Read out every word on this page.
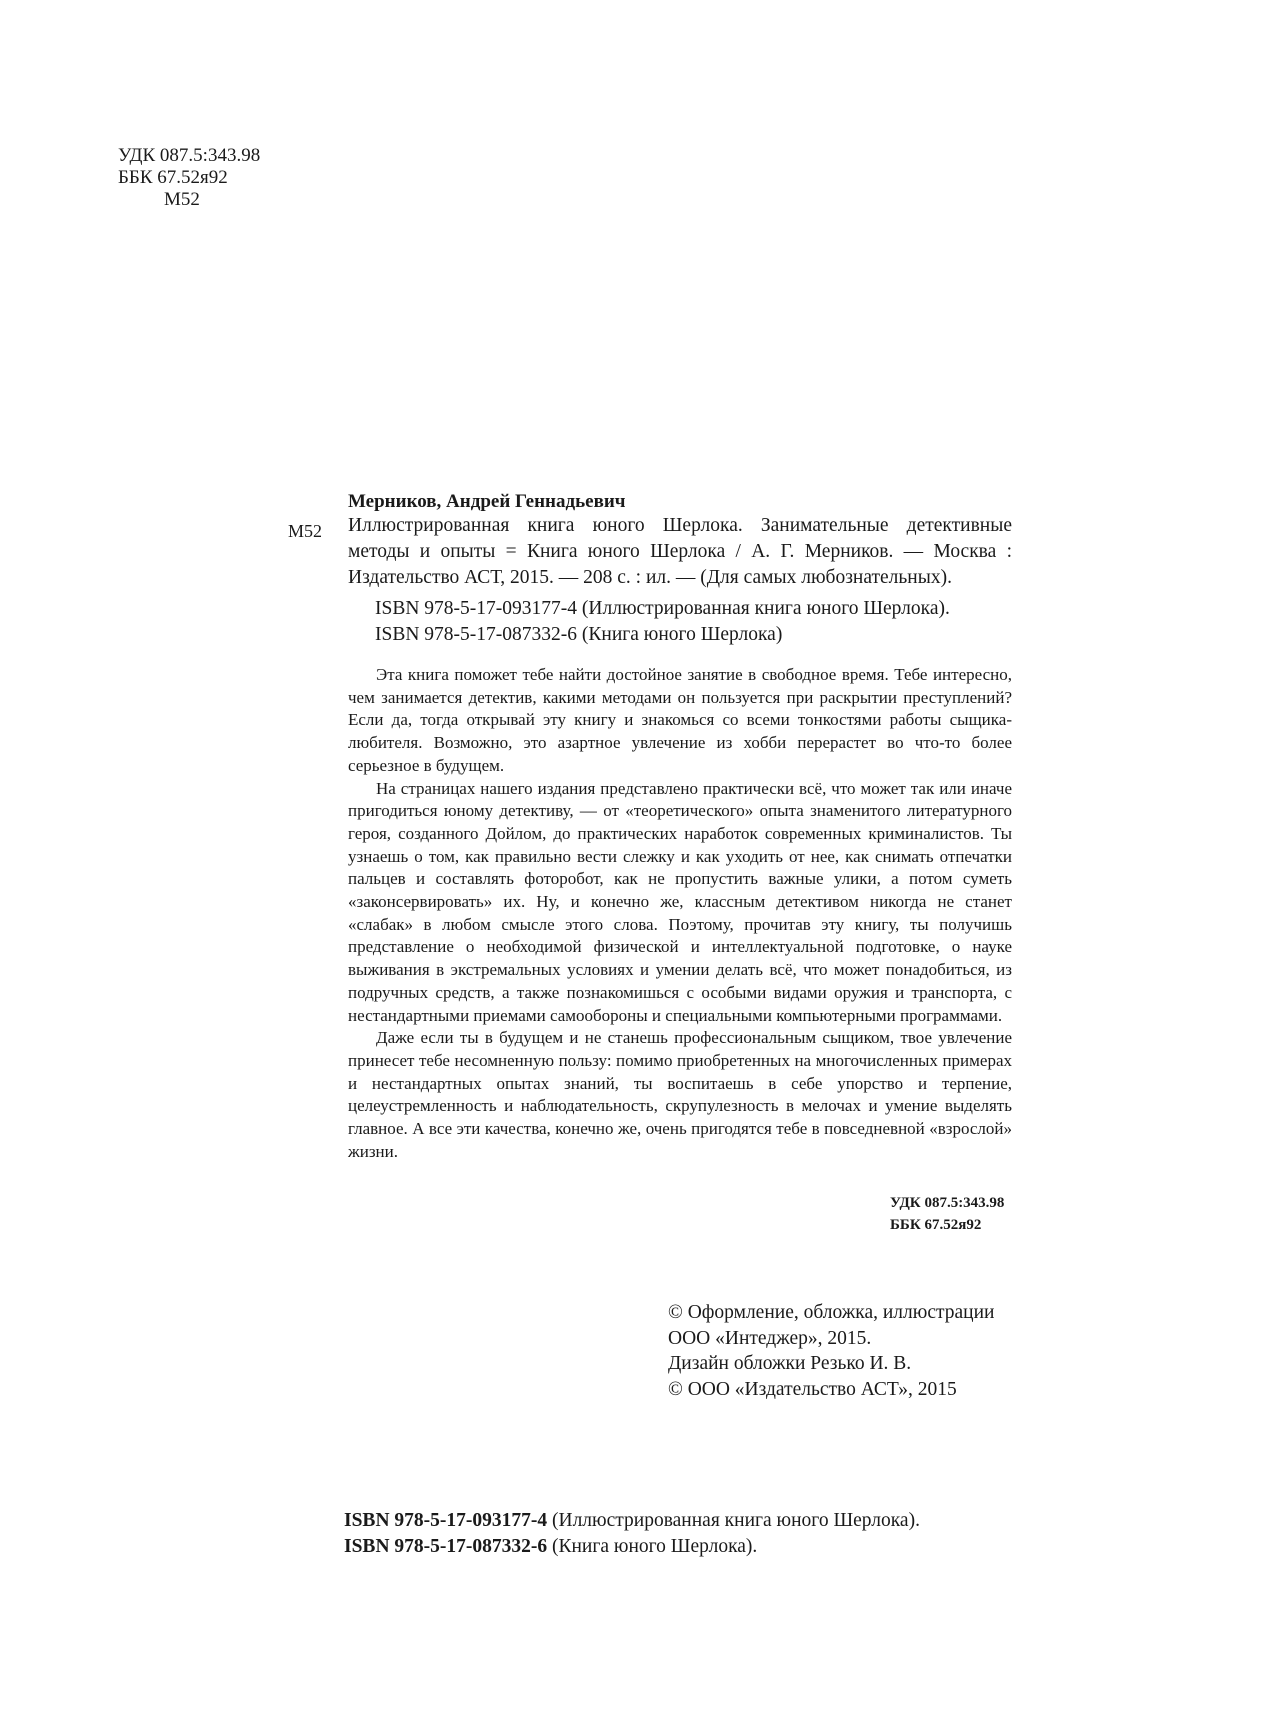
УДК 087.5:343.98
ББК 67.52я92
М52
Мерников, Андрей Геннадьевич
М52 Иллюстрированная книга юного Шерлока. Занимательные детективные методы и опыты = Книга юного Шерлока / А. Г. Мерников. — Москва : Издательство АСТ, 2015. — 208 с. : ил. — (Для самых любознательных).
ISBN 978-5-17-093177-4 (Иллюстрированная книга юного Шерлока).
ISBN 978-5-17-087332-6 (Книга юного Шерлока)

Эта книга поможет тебе найти достойное занятие в свободное время. Тебе интересно, чем занимается детектив, какими методами он пользуется при раскрытии преступлений? Если да, тогда открывай эту книгу и знакомься со всеми тонкостями работы сыщика-любителя. Возможно, это азартное увлечение из хобби перерастет во что-то более серьезное в будущем.

На страницах нашего издания представлено практически всё, что может так или иначе пригодиться юному детективу, — от «теоретического» опыта знаменитого литературного героя, созданного Дойлом, до практических наработок современных криминалистов. Ты узнаешь о том, как правильно вести слежку и как уходить от нее, как снимать отпечатки пальцев и составлять фоторобот, как не пропустить важные улики, а потом суметь «законсервировать» их. Ну, и конечно же, классным детективом никогда не станет «слабак» в любом смысле этого слова. Поэтому, прочитав эту книгу, ты получишь представление о необходимой физической и интеллектуальной подготовке, о науке выживания в экстремальных условиях и умении делать всё, что может понадобиться, из подручных средств, а также познакомишься с особыми видами оружия и транспорта, с нестандартными приемами самообороны и специальными компьютерными программами.

Даже если ты в будущем и не станешь профессиональным сыщиком, твое увлечение принесет тебе несомненную пользу: помимо приобретенных на многочисленных примерах и нестандартных опытах знаний, ты воспитаешь в себе упорство и терпение, целеустремленность и наблюдательность, скрупулезность в мелочах и умение выделять главное. А все эти качества, конечно же, очень пригодятся тебе в повседневной «взрослой» жизни.

УДК 087.5:343.98
ББК 67.52я92
© Оформление, обложка, иллюстрации
ООО «Интеджер», 2015.
Дизайн обложки Резько И. В.
© ООО «Издательство АСТ», 2015
ISBN 978-5-17-093177-4 (Иллюстрированная книга юного Шерлока).
ISBN 978-5-17-087332-6 (Книга юного Шерлока).
